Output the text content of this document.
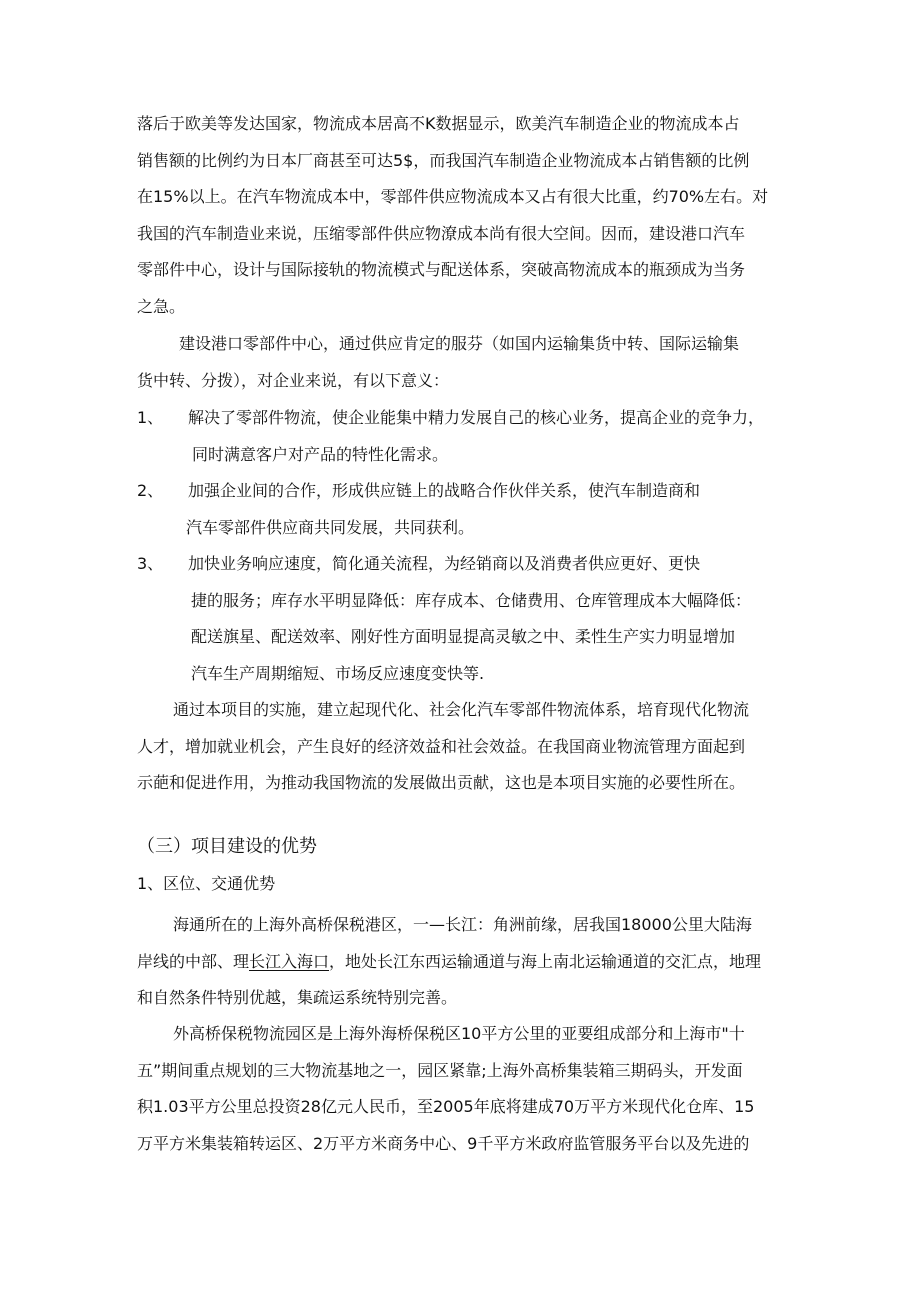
落后于欧美等发达国家，物流成本居高不K数据显示，欧美汽车制造企业的物流成本占
销售额的比例约为日本厂商甚至可达5$，而我国汽车制造企业物流成本占销售额的比例
在15%以上。在汽车物流成本中，零部件供应物流成本又占有很大比重，约70%左右。对
我国的汽车制造业来说，压缩零部件供应物潦成本尚有很大空间。因而，建设港口汽车
零部件中心，设计与国际接轨的物流模式与配送体系，突破高物流成本的瓶颈成为当务
之急。
建设港口零部件中心，通过供应肯定的服芬（如国内运输集货中转、国际运输集
货中转、分拨），对企业来说，有以下意义：
1、 解决了零部件物流，使企业能集中精力发展自己的核心业务，提高企业的竞争力，
同时满意客户对产品的特性化需求。
2、 加强企业间的合作，形成供应链上的战略合作伙伴关系，使汽车制造商和
汽车零部件供应商共同发展，共同获利。
3、 加快业务响应速度，简化通关流程，为经销商以及消费者供应更好、更快
捷的服务；库存水平明显降低：库存成本、仓储费用、仓库管理成本大幅降低：
配送旗星、配送效率、刚好性方面明显提高灵敏之中、柔性生产实力明显增加
汽车生产周期缩短、市场反应速度变快等.
通过本项目的实施，建立起现代化、社会化汽车零部件物流体系，培育现代化物流
人才，增加就业机会，产生良好的经济效益和社会效益。在我国商业物流管理方面起到
示葩和促进作用，为推动我国物流的发展做出贡献，这也是本项目实施的必要性所在。
（三）项目建设的优势
1、区位、交通优势
海通所在的上海外高桥保税港区，一—长江：角洲前缘，居我国18000公里大陆海
岸线的中部、理长江入海口，地处长江东西运输通道与海上南北运输通道的交汇点，地理
和自然条件特别优越，集疏运系统特别完善。
外高桥保税物流园区是上海外海桥保税区10平方公里的亚要组成部分和上海市"十
五”期间重点规划的三大物流基地之一，园区紧靠;上海外高桥集装箱三期码头，开发面
积1.03平方公里总投资28亿元人民币，至2005年底将建成70万平方米现代化仓库、15
万平方米集装箱转运区、2万平方米商务中心、9千平方米政府监管服务平台以及先进的
